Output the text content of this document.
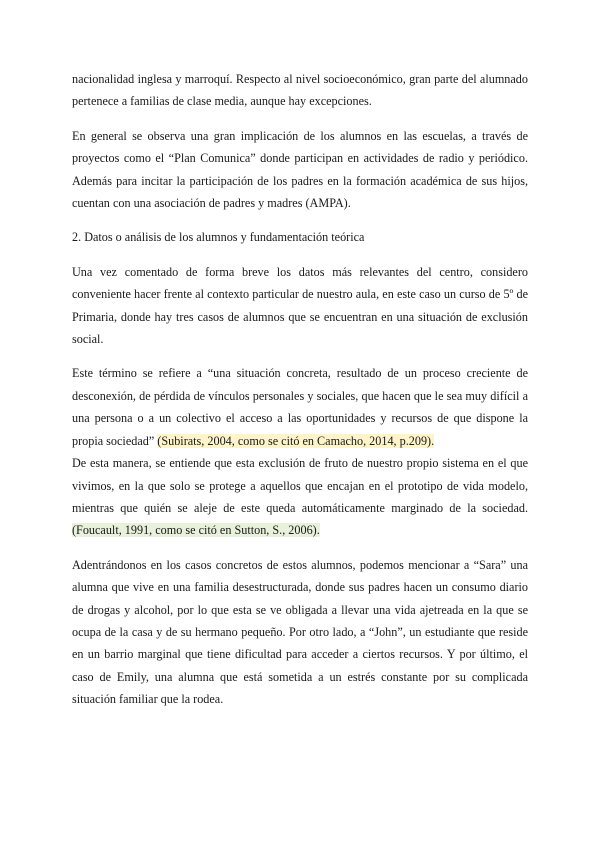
nacionalidad inglesa y marroquí. Respecto al nivel socioeconómico, gran parte del alumnado pertenece a familias de clase media, aunque hay excepciones.

En general se observa una gran implicación de los alumnos en las escuelas, a través de proyectos como el “Plan Comunica” donde participan en actividades de radio y periódico. Además para incitar la participación de los padres en la formación académica de sus hijos, cuentan con una asociación de padres y madres (AMPA).

2. Datos o análisis de los alumnos y fundamentación teórica

Una vez comentado de forma breve los datos más relevantes del centro, considero conveniente hacer frente al contexto particular de nuestro aula, en este caso un curso de 5º de Primaria, donde hay tres casos de alumnos que se encuentran en una situación de exclusión social.

Este término se refiere a “una situación concreta, resultado de un proceso creciente de desconexión, de pérdida de vínculos personales y sociales, que hacen que le sea muy difícil a una persona o a un colectivo el acceso a las oportunidades y recursos de que dispone la propia sociedad” (Subirats, 2004, como se citó en Camacho, 2014, p.209).

De esta manera, se entiende que esta exclusión de fruto de nuestro propio sistema en el que vivimos, en la que solo se protege a aquellos que encajan en el prototipo de vida modelo, mientras que quién se aleje de este queda automáticamente marginado de la sociedad. (Foucault, 1991, como se citó en Sutton, S., 2006).

Adentrándonos en los casos concretos de estos alumnos, podemos mencionar a “Sara” una alumna que vive en una familia desestructurada, donde sus padres hacen un consumo diario de drogas y alcohol, por lo que esta se ve obligada a llevar una vida ajetreada en la que se ocupa de la casa y de su hermano pequeño. Por otro lado, a “John”, un estudiante que reside en un barrio marginal que tiene dificultad para acceder a ciertos recursos. Y por último, el caso de Emily, una alumna que está sometida a un estrés constante por su complicada situación familiar que la rodea.
